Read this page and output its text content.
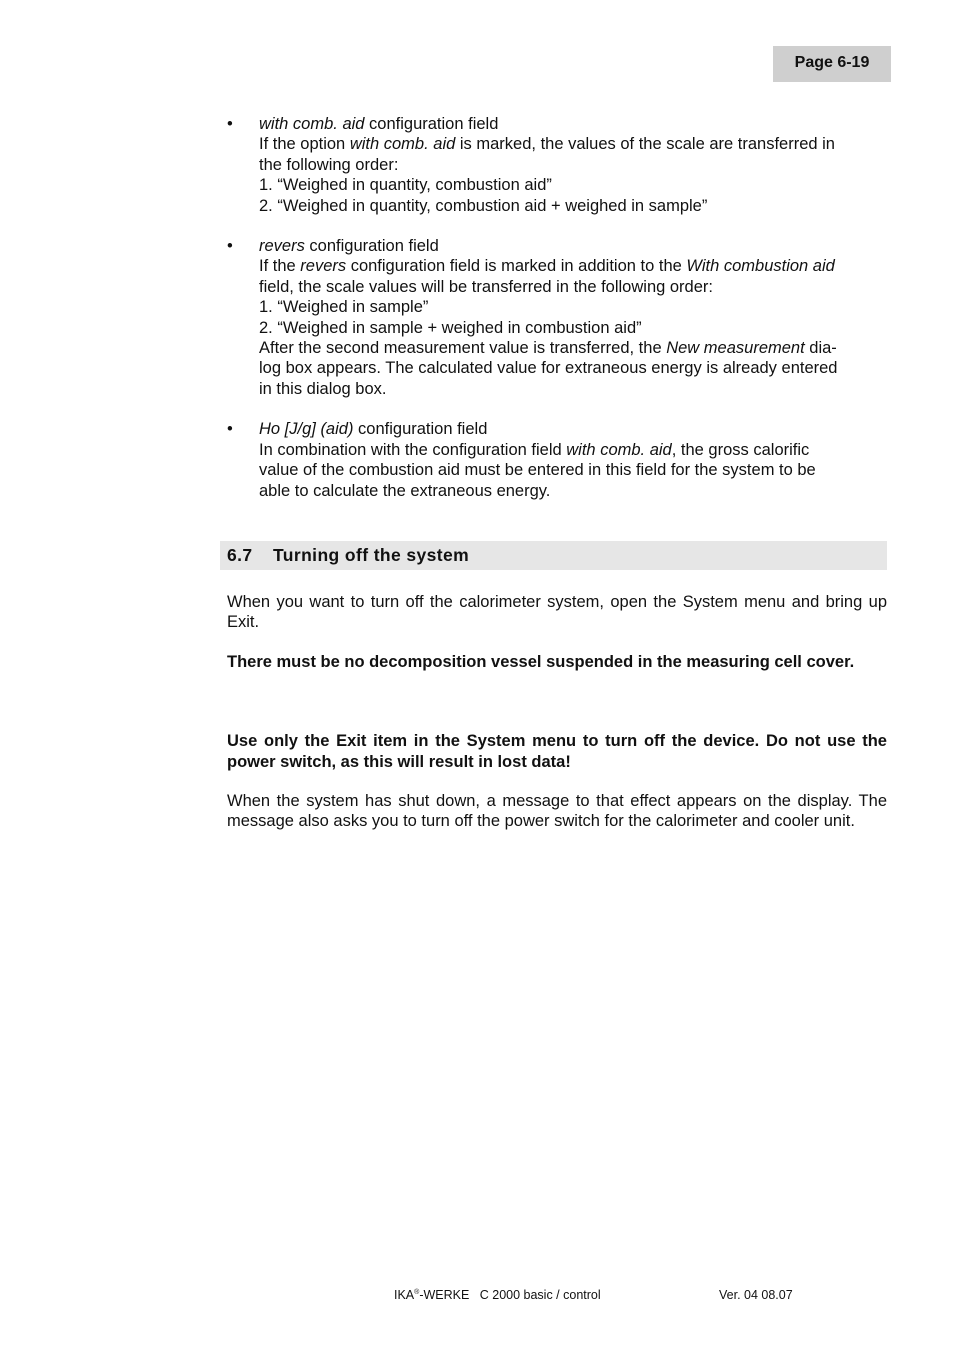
Page 6-19
• with comb. aid configuration field

If the option with comb. aid is marked, the values of the scale are transferred in

the following order:

1. “Weighed in quantity, combustion aid”

2. “Weighed in quantity, combustion aid + weighed in sample”

• revers configuration field

If the revers configuration field is marked in addition to the With combustion aid

field, the scale values will be transferred in the following order:

1. “Weighed in sample”

2. “Weighed in sample + weighed in combustion aid”

After the second measurement value is transferred, the New measurement dia-

log box appears. The calculated value for extraneous energy is already entered

in this dialog box.

• Ho [J/g] (aid) configuration field

In combination with the configuration field with comb. aid, the gross calorific

value of the combustion aid must be entered in this field for the system to be

able to calculate the extraneous energy.

6.7 Turning off the system

When you want to turn off the calorimeter system, open the System menu and bring up Exit.

There must be no decomposition vessel suspended in the measuring cell cover.

Use only the Exit item in the System menu to turn off the device. Do not use the power switch, as this will result in lost data!

When the system has shut down, a message to that effect appears on the display. The message also asks you to turn off the power switch for the calorimeter and cooler unit.

IKA®-WERKE C 2000 basic / control	Ver. 04 08.07
